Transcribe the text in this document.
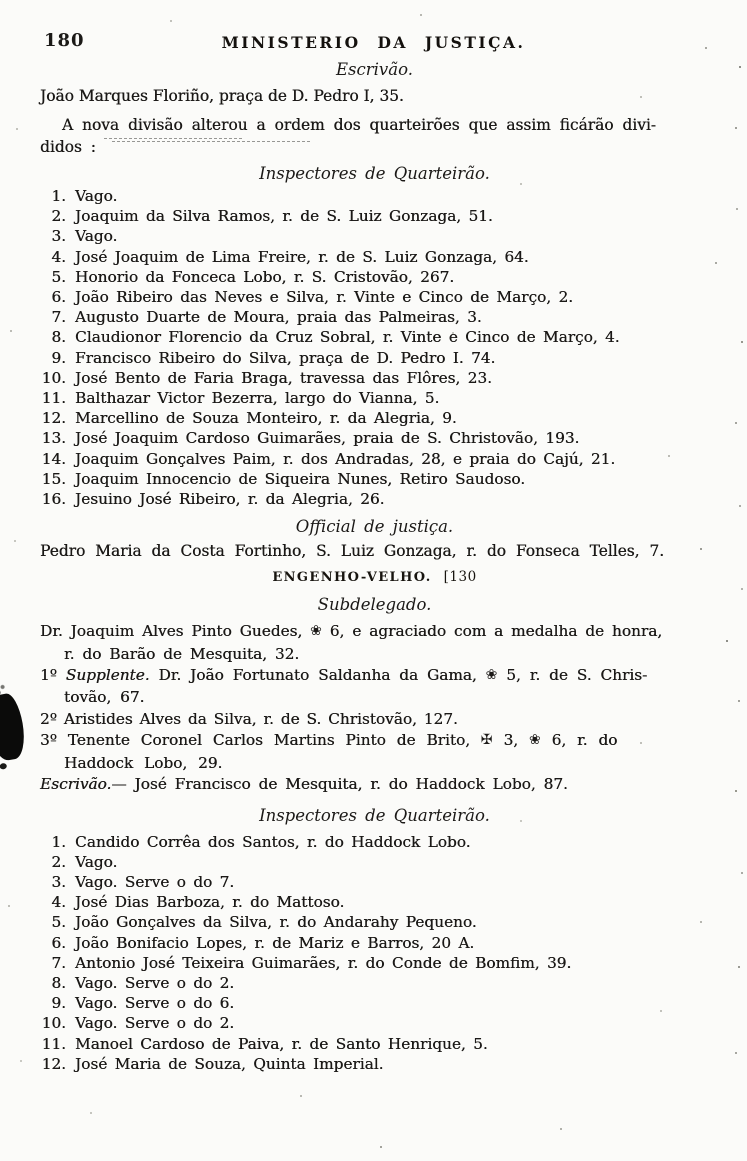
180	MINISTERIO DA JUSTIÇA.
Escrivão.
João Marques Floriño, praça de D. Pedro I, 35.
A nova divisão alterou a ordem dos quarteirões que assim ficárão divi-
didos :
Inspectores de Quarteirão.
1. Vago.
2. Joaquim da Silva Ramos, r. de S. Luiz Gonzaga, 51.
3. Vago.
4. José Joaquim de Lima Freire, r. de S. Luiz Gonzaga, 64.
5. Honorio da Fonceca Lobo, r. S. Cristovão, 267.
6. João Ribeiro das Neves e Silva, r. Vinte e Cinco de Março, 2.
7. Augusto Duarte de Moura, praia das Palmeiras, 3.
8. Claudionor Florencio da Cruz Sobral, r. Vinte e Cinco de Março, 4.
9. Francisco Ribeiro do Silva, praça de D. Pedro I. 74.
10. José Bento de Faria Braga, travessa das Flôres, 23.
11. Balthazar Victor Bezerra, largo do Vianna, 5.
12. Marcellino de Souza Monteiro, r. da Alegria, 9.
13. José Joaquim Cardoso Guimarães, praia de S. Christovão, 193.
14. Joaquim Gonçalves Paim, r. dos Andradas, 28, e praia do Cajú, 21.
15. Joaquim Innocencio de Siqueira Nunes, Retiro Saudoso.
16. Jesuino José Ribeiro, r. da Alegria, 26.
Official de justiça.
Pedro Maria da Costa Fortinho, S. Luiz Gonzaga, r. do Fonseca Telles, 7.
ENGENHO-VELHO. [130
Subdelegado.
Dr. Joaquim Alves Pinto Guedes, ❀ 6, e agraciado com a medalha de honra,
r. do Barão de Mesquita, 32.
1º Supplente. Dr. João Fortunato Saldanha da Gama, ❀ 5, r. de S. Chris-
tovão, 67.
2º Aristides Alves da Silva, r. de S. Christovão, 127.
3º Tenente Coronel Carlos Martins Pinto de Brito, ✠ 3, ❀ 6, r. do
Haddock Lobo, 29.
Escrivão.— José Francisco de Mesquita, r. do Haddock Lobo, 87.
Inspectores de Quarteirão.
1. Candido Corrêa dos Santos, r. do Haddock Lobo.
2. Vago.
3. Vago. Serve o do 7.
4. José Dias Barboza, r. do Mattoso.
5. João Gonçalves da Silva, r. do Andarahy Pequeno.
6. João Bonifacio Lopes, r. de Mariz e Barros, 20 A.
7. Antonio José Teixeira Guimarães, r. do Conde de Bomfim, 39.
8. Vago. Serve o do 2.
9. Vago. Serve o do 6.
10. Vago. Serve o do 2.
11. Manoel Cardoso de Paiva, r. de Santo Henrique, 5.
12. José Maria de Souza, Quinta Imperial.
